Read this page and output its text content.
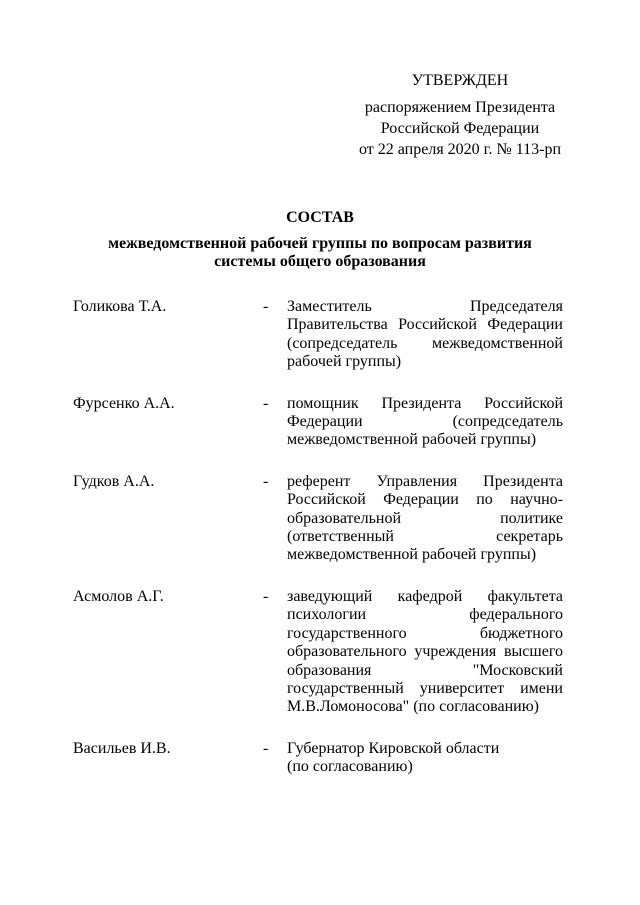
УТВЕРЖДЕН
распоряжением Президента
Российской Федерации
от 22 апреля 2020 г. № 113-рп
СОСТАВ
межведомственной рабочей группы по вопросам развития
системы общего образования
Голикова Т.А.	- Заместитель Председателя
Правительства Российской Федерации
(сопредседатель межведомственной
рабочей группы)
Фурсенко А.А.	- помощник Президента Российской
Федерации (сопредседатель
межведомственной рабочей группы)
Гудков А.А.	- референт Управления Президента
Российской Федерации по научно-
образовательной политике
(ответственный секретарь
межведомственной рабочей группы)
Асмолов А.Г.	- заведующий кафедрой факультета
психологии федерального
государственного бюджетного
образовательного учреждения высшего
образования "Московский
государственный университет имени
М.В.Ломоносова" (по согласованию)
Васильев И.В.	- Губернатор Кировской области
(по согласованию)
